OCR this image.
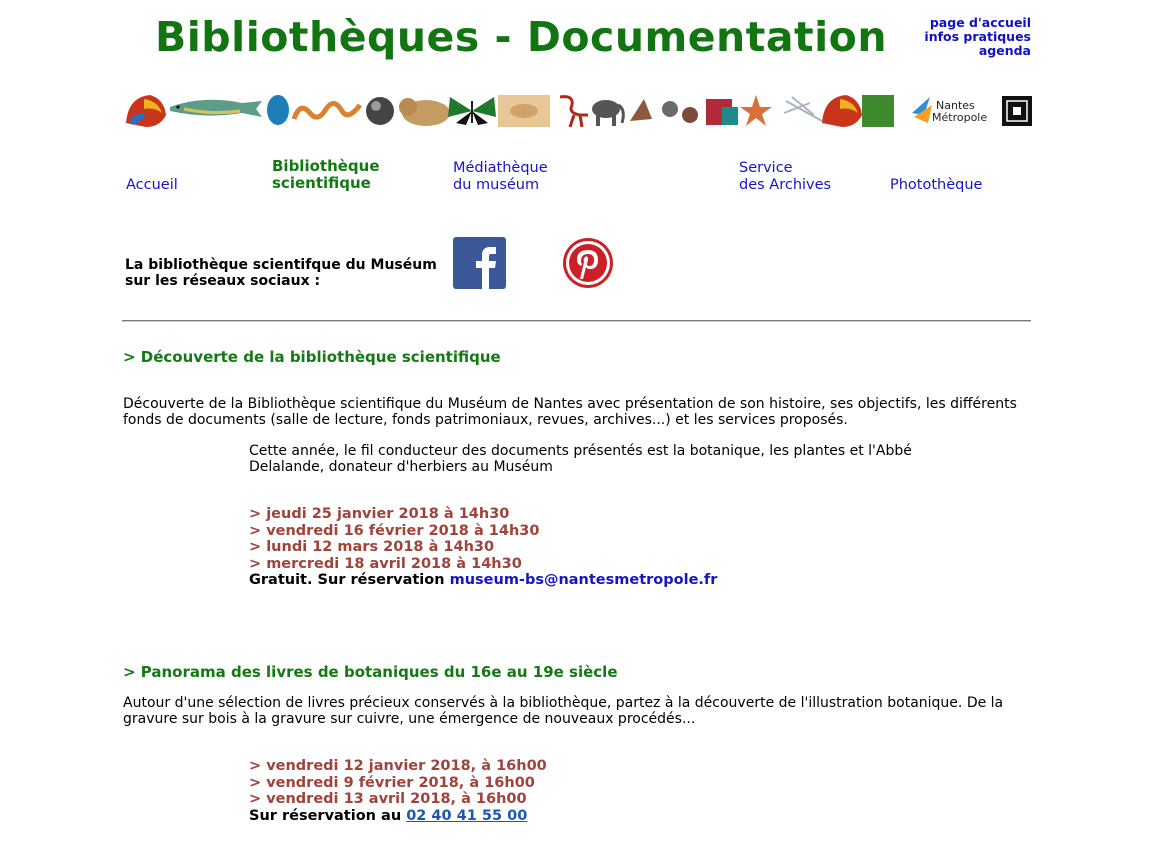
Bibliothèques - Documentation	page d'accueil
infos pratiques
agenda
Nantes
Métropole
Accueil
Bibliothèque
scientifique
Médiathèque
du muséum
Service
des Archives	Photothèque
La bibliothèque scientifque du Muséum
sur les réseaux sociaux :
> Découverte de la bibliothèque scientifique
Découverte de la Bibliothèque scientifique du Muséum de Nantes avec présentation de son histoire, ses objectifs, les différents
fonds de documents (salle de lecture, fonds patrimoniaux, revues, archives...) et les services proposés.
Cette année, le fil conducteur des documents présentés est la botanique, les plantes et l'Abbé
Delalande, donateur d'herbiers au Muséum
> jeudi 25 janvier 2018 à 14h30
> vendredi 16 février 2018 à 14h30
> lundi 12 mars 2018 à 14h30
> mercredi 18 avril 2018 à 14h30
Gratuit. Sur réservation museum-bs@nantesmetropole.fr
> Panorama des livres de botaniques du 16e au 19e siècle
Autour d'une sélection de livres précieux conservés à la bibliothèque, partez à la découverte de l'illustration botanique. De la
gravure sur bois à la gravure sur cuivre, une émergence de nouveaux procédés...
> vendredi 12 janvier 2018, à 16h00
> vendredi 9 février 2018, à 16h00
> vendredi 13 avril 2018, à 16h00
Sur réservation au 02 40 41 55 00
